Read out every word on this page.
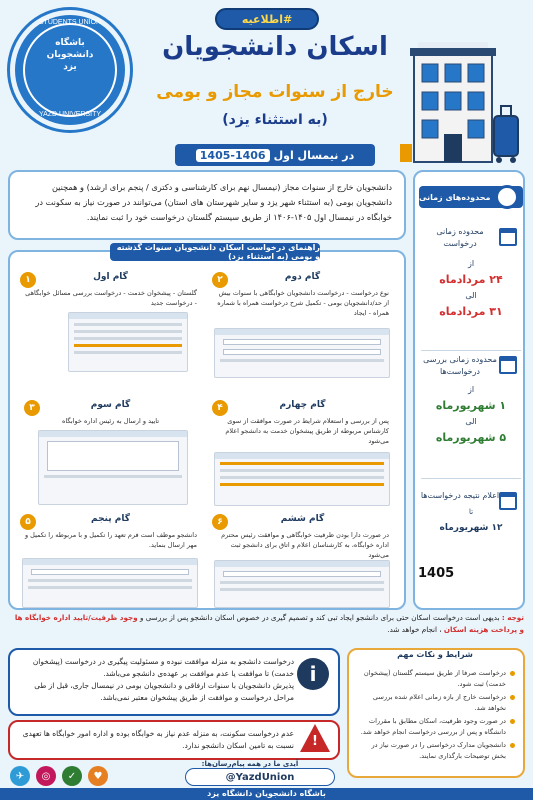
#اطلاعیه
STUDENTS UNION
باشگاه
دانشجویان
یزد
YAZD UNIVERSITY
اسکان دانشجویان
خارج از سنوات مجاز و بومی
(به استثناء یزد)
1405-1406 در نیمسال اول
دانشجویان خارج از سنوات مجاز (نیمسال نهم برای کارشناسی و دکتری / پنجم برای ارشد) و همچنین دانشجویان بومی (به استثناء شهر یزد و سایر شهرستان های استان) می‌توانند در صورت نیاز به سکونت در خوابگاه در نیمسال اول ۱۴۰۵-۱۴۰۶ از طریق سیستم گلستان درخواست خود را ثبت نمایند.
راهنمای درخواست اسکان دانشجویان سنوات گذشته و بومی (به استثناء یزد)
۱	گام اول
گلستان - پیشخوان خدمت - درخواست بررسی مسائل خوابگاهی - درخواست جدید
۲	گام دوم
نوع درخواست - درخواست دانشجویان خوابگاهی با سنوات بیش از حد/دانشجویان بومی - تکمیل شرح درخواست همراه با شماره همراه - ایجاد
۳	گام سوم
تایید و ارسال به رئیس اداره خوابگاه
۴	گام چهارم
پس از بررسی و استعلام شرایط در صورت موافقت از سوی کارشناس مربوطه از طریق پیشخوان خدمت به دانشجو اعلام می‌شود
۵	گام پنجم
دانشجو موظف است فرم تعهد را تکمیل و با مربوطه را تکمیل و مهر ارسال بنماید.
۶	گام ششم
در صورت دارا بودن ظرفیت خوابگاهی و موافقت رئیس محترم اداره خوابگاه، به کارشناسان اعلام و اتاق برای دانشجو ثبت می‌شود
محدوده‌های زمانی
محدوده زمانی درخواست
از
۲۴ مردادماه
الی
۳۱ مردادماه
محدوده زمانی بررسی درخواست‌ها
از
۱ شهریورماه
الی
۵ شهریورماه
اعلام نتیجه درخواست‌ها
تا
۱۲ شهریورماه
1405
توجه : بدیهی است درخواست اسکان حتی برای دانشجو ایجاد تبی کند و تصمیم گیری در خصوص اسکان دانشجو پس از بررسی و وجود ظرفیت/تایید اداره خوابگاه ها و پرداخت هزینه اسکان ، انجام خواهد شد.
درخواست دانشجو به منزله موافقت نبوده و مسئولیت پیگیری در درخواست (پیشخوان خدمت) تا موافقت یا عدم موافقت بر عهده‌ی دانشجو می‌باشد.
پذیرش دانشجویان با سنوات ارفاقی و دانشجویان بومی در نیمسال جاری، قبل از طی مراحل درخواست و موافقت از طریق پیشخوان معتبر نمی‌باشد.
i
عدم درخواست سکونت، به منزله عدم نیاز به خوابگاه بوده و اداره امور خوابگاه ها تعهدی نسبت به تامین اسکان دانشجو ندارد.	!
درخواست صرفا از طریق سیستم گلستان (پیشخوان خدمت) ثبت شود.
درخواست خارج از بازه زمانی اعلام شده بررسی نخواهد شد.
در صورت وجود ظرفیت، اسکان مطابق با مقررات دانشگاه و پس از بررسی درخواست انجام خواهد شد.
دانشجویان مدارک درخواستی را در صورت نیاز در بخش توضیحات بارگذاری نمایند.
شرایط و نکات مهم
آیدی ما در همه پیام‌رسان‌ها:
✈	◎	✓	♥	@YazdUnion
باشگاه دانشجویان دانشگاه یزد
